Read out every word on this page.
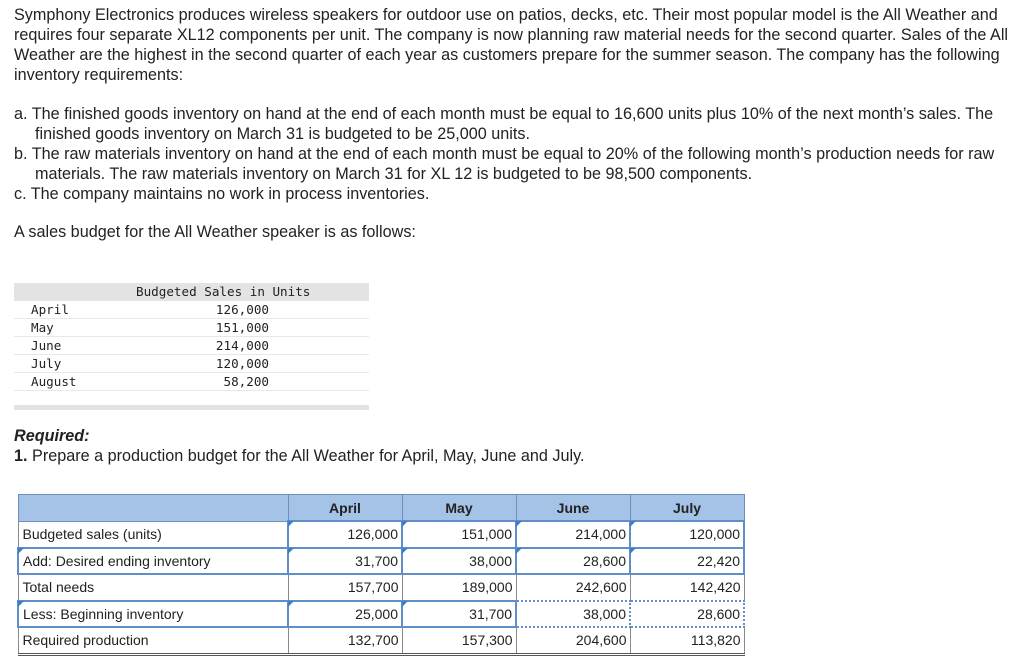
Symphony Electronics produces wireless speakers for outdoor use on patios, decks, etc. Their most popular model is the All Weather and requires four separate XL12 components per unit. The company is now planning raw material needs for the second quarter. Sales of the All Weather are the highest in the second quarter of each year as customers prepare for the summer season. The company has the following inventory requirements:

a. The finished goods inventory on hand at the end of each month must be equal to 16,600 units plus 10% of the next month’s sales. The finished goods inventory on March 31 is budgeted to be 25,000 units.
b. The raw materials inventory on hand at the end of each month must be equal to 20% of the following month’s production needs for raw materials. The raw materials inventory on March 31 for XL 12 is budgeted to be 98,500 components.
c. The company maintains no work in process inventories.

A sales budget for the All Weather speaker is as follows:

Budgeted Sales in Units
April	126,000
May	151,000
June	214,000
July	120,000
August	58,200

Required:

1. Prepare a production budget for the All Weather for April, May, June and July.

	April	May	June	July
Budgeted sales (units)	126,000	151,000	214,000	120,000
Add: Desired ending inventory	31,700	38,000	28,600	22,420
Total needs	157,700	189,000	242,600	142,420
Less: Beginning inventory	25,000	31,700	38,000	28,600
Required production	132,700	157,300	204,600	113,820
